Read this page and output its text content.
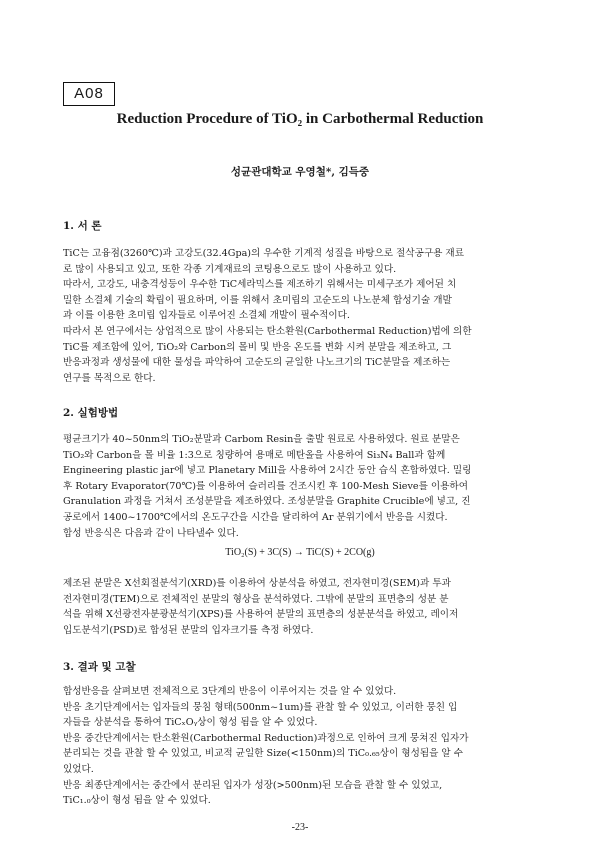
A08
Reduction Procedure of TiO₂ in Carbothermal Reduction
성균관대학교 우영철*, 김득중
1. 서 론
TiC는 고융점(3260℃)과 고강도(32.4Gpa)의 우수한 기계적 성질을 바탕으로 절삭공구용 재료
로 많이 사용되고 있고, 또한 각종 기계재료의 코팅용으로도 많이 사용하고 있다.
따라서, 고강도, 내충격성등이 우수한 TiC세라믹스를 제조하기 위해서는 미세구조가 제어된 치
밀한 소결체 기술의 확립이 필요하며, 이를 위해서 초미립의 고순도의 나노분체 합성기술 개발
과 이를 이용한 초미립 입자들로 이루어진 소결체 개발이 필수적이다.
따라서 본 연구에서는 상업적으로 많이 사용되는 탄소환원(Carbothermal Reduction)법에 의한
TiC를 제조함에 있어, TiO₂와 Carbon의 몰비 및 반응 온도를 변화 시켜 분말을 제조하고, 그
반응과정과 생성물에 대한 물성을 파악하여 고순도의 균일한 나노크기의 TiC분말을 제조하는
연구를 목적으로 한다.
2. 실험방법
평균크기가 40~50nm의 TiO₂분말과 Carbom Resin을 출발 원료로 사용하였다. 원료 분말은
TiO₂와 Carbon을 몰 비율 1:3으로 칭량하여 용매로 메탄올을 사용하여 Si₃N₄ Ball과 함께
Engineering plastic jar에 넣고 Planetary Mill을 사용하여 2시간 동안 습식 혼합하였다. 밀링
후 Rotary Evaporator(70℃)를 이용하여 슬러리를 건조시킨 후 100-Mesh Sieve를 이용하여
Granulation 과정을 거쳐서 조성분말을 제조하였다. 조성분말을 Graphite Crucible에 넣고, 진
공로에서 1400~1700℃에서의 온도구간을 시간을 달리하여 Ar 분위기에서 반응을 시켰다.
합성 반응식은 다음과 같이 나타낼수 있다.
TiO₂(S) + 3C(S) → TiC(S) + 2CO(g)
제조된 분말은 X선회절분석기(XRD)를 이용하여 상분석을 하였고, 전자현미경(SEM)과 투과
전자현미경(TEM)으로 전체적인 분말의 형상을 분석하였다. 그밖에 분말의 표면층의 성분 분
석을 위해 X선광전자분광분석기(XPS)를 사용하여 분말의 표면층의 성분분석을 하였고, 레이저
입도분석기(PSD)로 합성된 분말의 입자크기를 측정 하였다.
3. 결과 및 고찰
합성반응을 살펴보면 전체적으로 3단계의 반응이 이루어지는 것을 알 수 있었다.
반응 초기단계에서는 입자들의 뭉침 형태(500nm~1um)를 관찰 할 수 있었고, 이러한 뭉친 입
자들을 상분석을 통하여 TiCₓOᵧ상이 형성 됨을 알 수 있었다.
반응 중간단계에서는 탄소환원(Carbothermal Reduction)과정으로 인하여 크게 뭉쳐진 입자가
분리되는 것을 관찰 할 수 있었고, 비교적 균일한 Size(<150nm)의 TiC₀.₆₅상이 형성됨을 알 수
있었다.
반응 최종단계에서는 중간에서 분리된 입자가 성장(>500nm)된 모습을 관찰 할 수 있었고,
TiC₁.₀상이 형성 됨을 알 수 있었다.
-23-
